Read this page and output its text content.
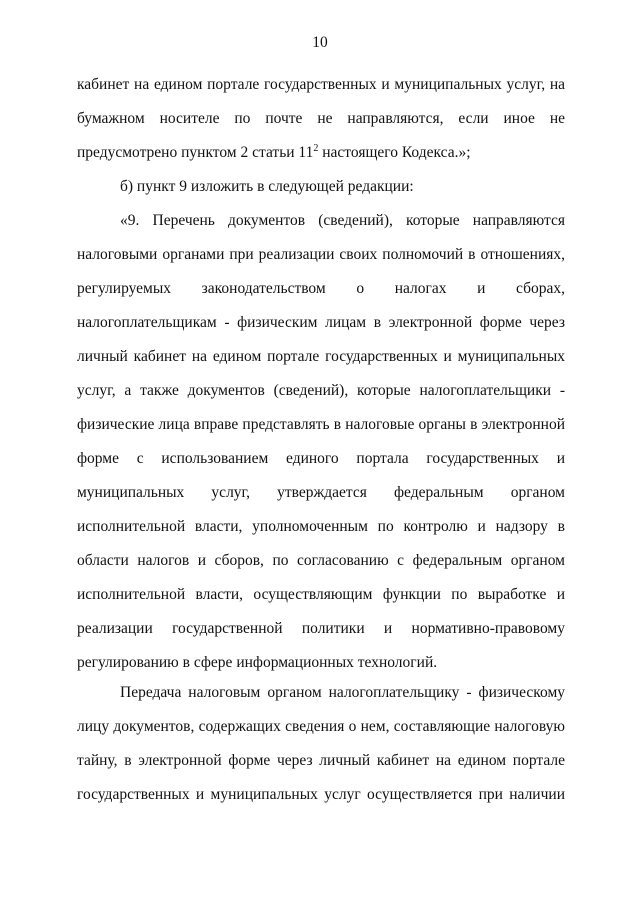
10
кабинет на едином портале государственных и муниципальных услуг, на
бумажном носителе по почте не направляются, если иное не
предусмотрено пунктом 2 статьи $11^2$ настоящего Кодекса.»;
б) пункт 9 изложить в следующей редакции:
«9. Перечень документов (сведений), которые направляются
налоговыми органами при реализации своих полномочий в отношениях,
регулируемых законодательством о налогах и сборах,
налогоплательщикам - физическим лицам в электронной форме через
личный кабинет на едином портале государственных и муниципальных
услуг, а также документов (сведений), которые налогоплательщики -
физические лица вправе представлять в налоговые органы в электронной
форме с использованием единого портала государственных и
муниципальных услуг, утверждается федеральным органом
исполнительной власти, уполномоченным по контролю и надзору в
области налогов и сборов, по согласованию с федеральным органом
исполнительной власти, осуществляющим функции по выработке и
реализации государственной политики и нормативно-правовому
регулированию в сфере информационных технологий.
Передача налоговым органом налогоплательщику - физическому
лицу документов, содержащих сведения о нем, составляющие налоговую
тайну, в электронной форме через личный кабинет на едином портале
государственных и муниципальных услуг осуществляется при наличии
